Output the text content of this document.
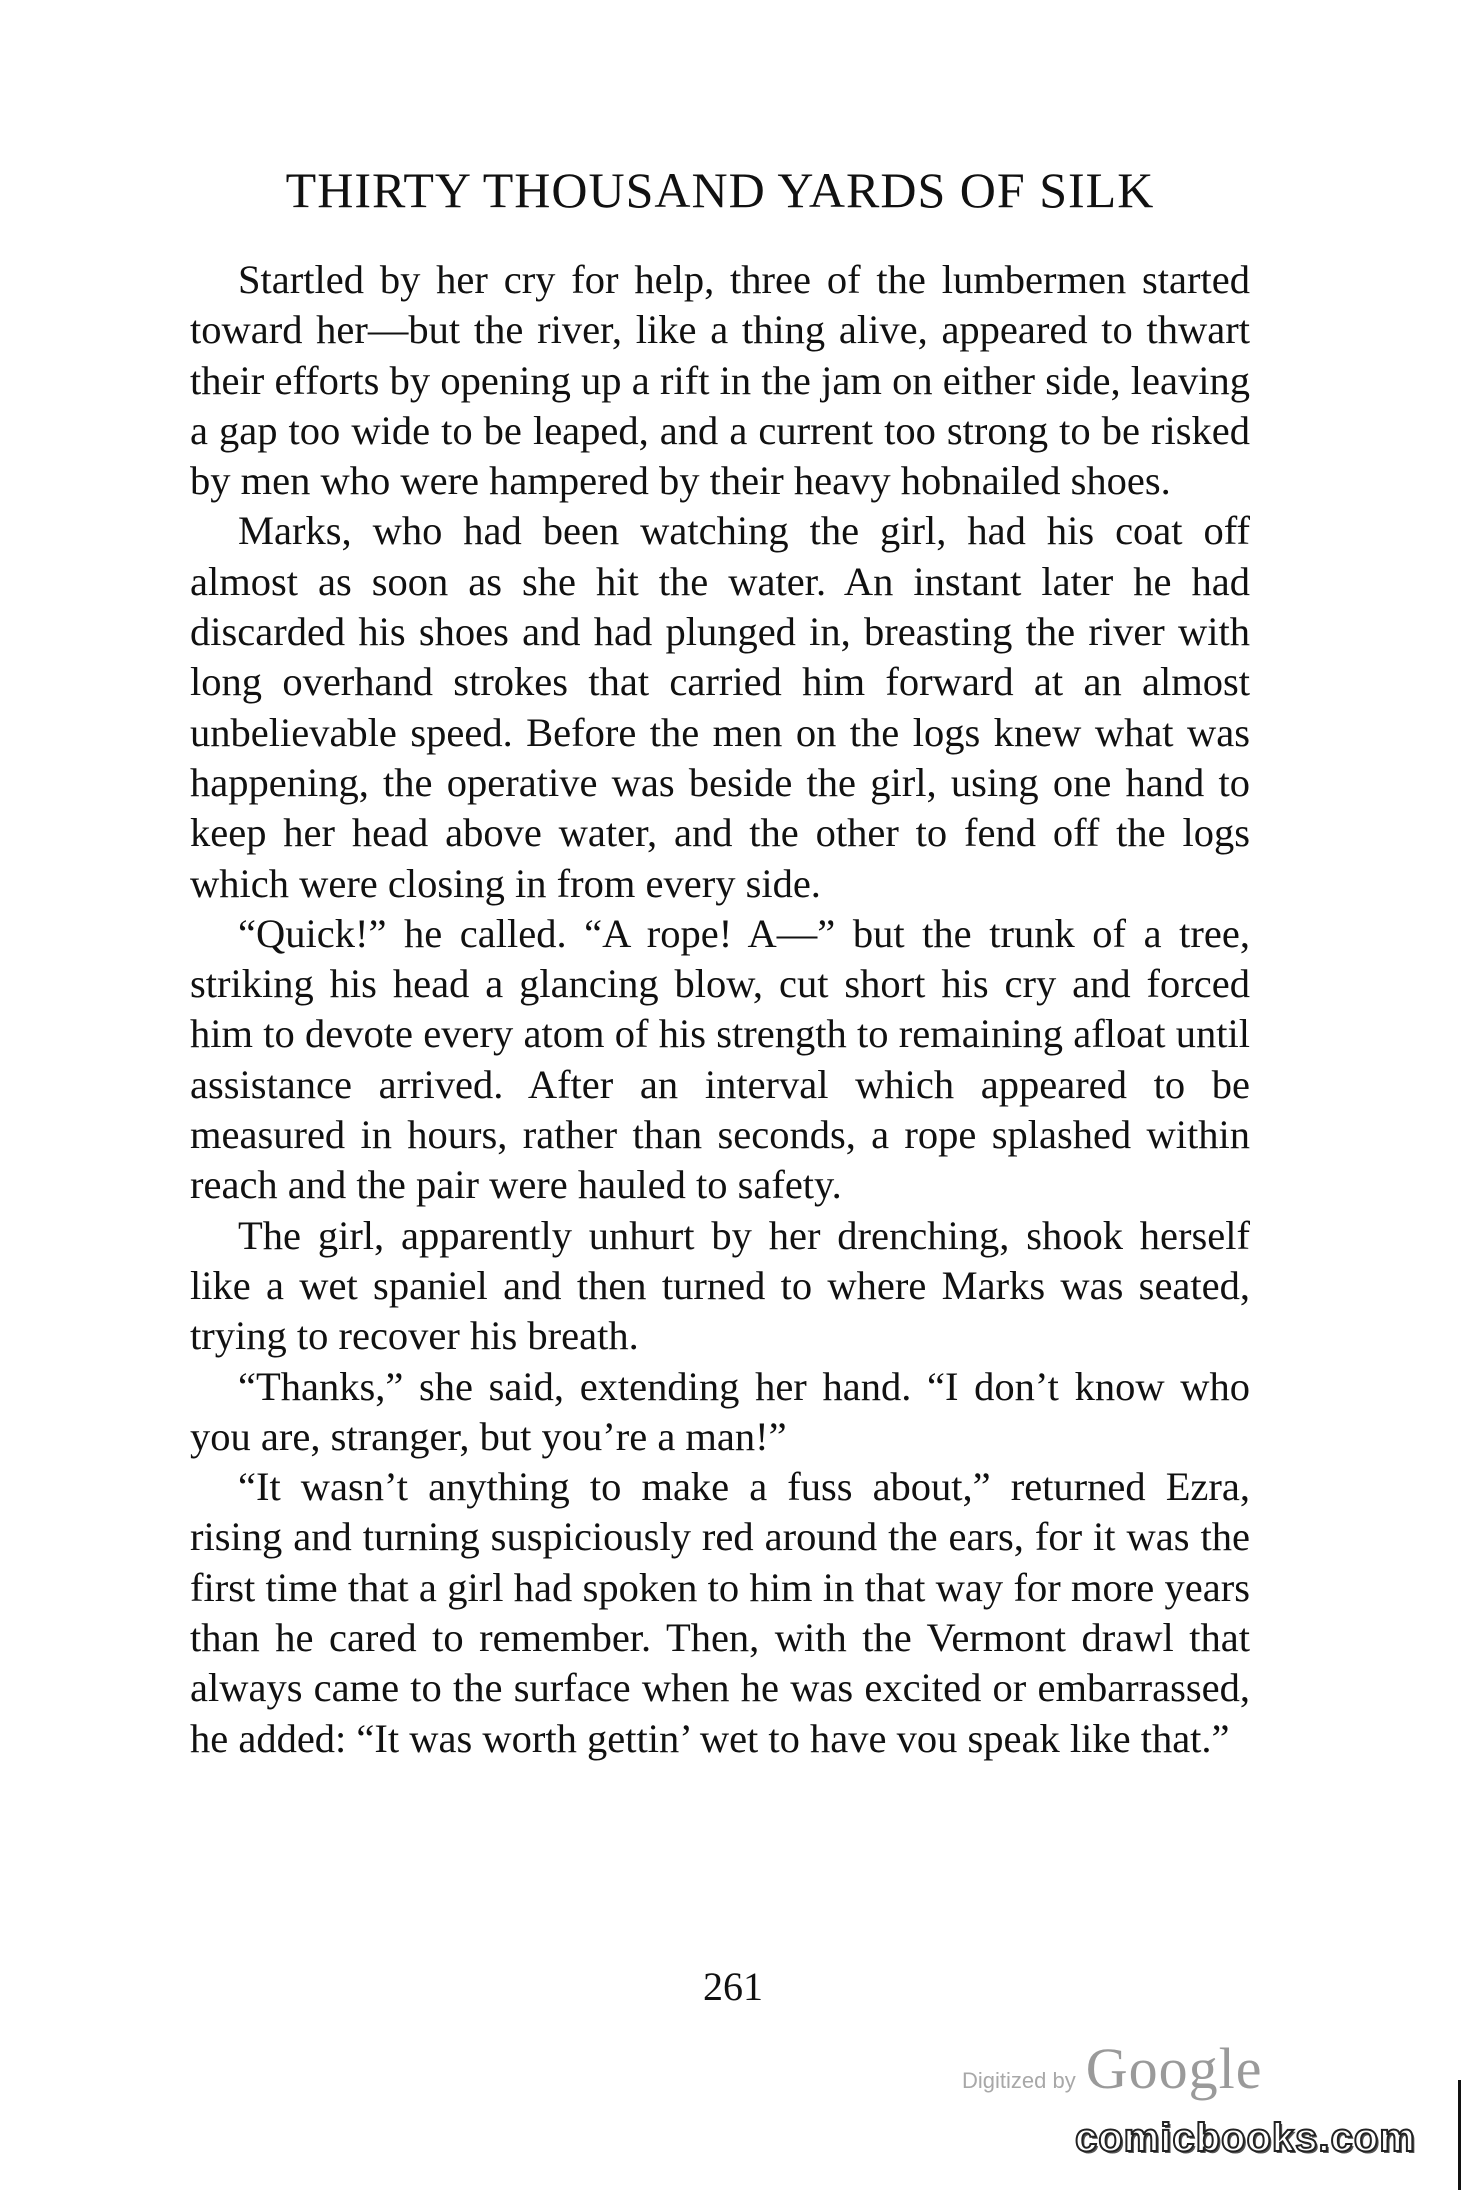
THIRTY THOUSAND YARDS OF SILK

Startled by her cry for help, three of the lumbermen started toward her—but the river, like a thing alive, appeared to thwart their efforts by opening up a rift in the jam on either side, leaving a gap too wide to be leaped, and a current too strong to be risked by men who were hampered by their heavy hobnailed shoes.

Marks, who had been watching the girl, had his coat off almost as soon as she hit the water. An instant later he had discarded his shoes and had plunged in, breasting the river with long overhand strokes that carried him forward at an almost unbelievable speed. Before the men on the logs knew what was happening, the operative was beside the girl, using one hand to keep her head above water, and the other to fend off the logs which were closing in from every side.

“Quick!” he called. “A rope! A—” but the trunk of a tree, striking his head a glancing blow, cut short his cry and forced him to devote every atom of his strength to remaining afloat until assistance arrived. After an interval which appeared to be measured in hours, rather than seconds, a rope splashed within reach and the pair were hauled to safety.

The girl, apparently unhurt by her drenching, shook herself like a wet spaniel and then turned to where Marks was seated, trying to recover his breath.

“Thanks,” she said, extending her hand. “I don’t know who you are, stranger, but you’re a man!”

“It wasn’t anything to make a fuss about,” returned Ezra, rising and turning suspiciously red around the ears, for it was the first time that a girl had spoken to him in that way for more years than he cared to remember. Then, with the Vermont drawl that always came to the surface when he was excited or embarrassed, he added: “It was worth gettin’ wet to have vou speak like that.”

261
Digitized by Google
comicbooks.com
